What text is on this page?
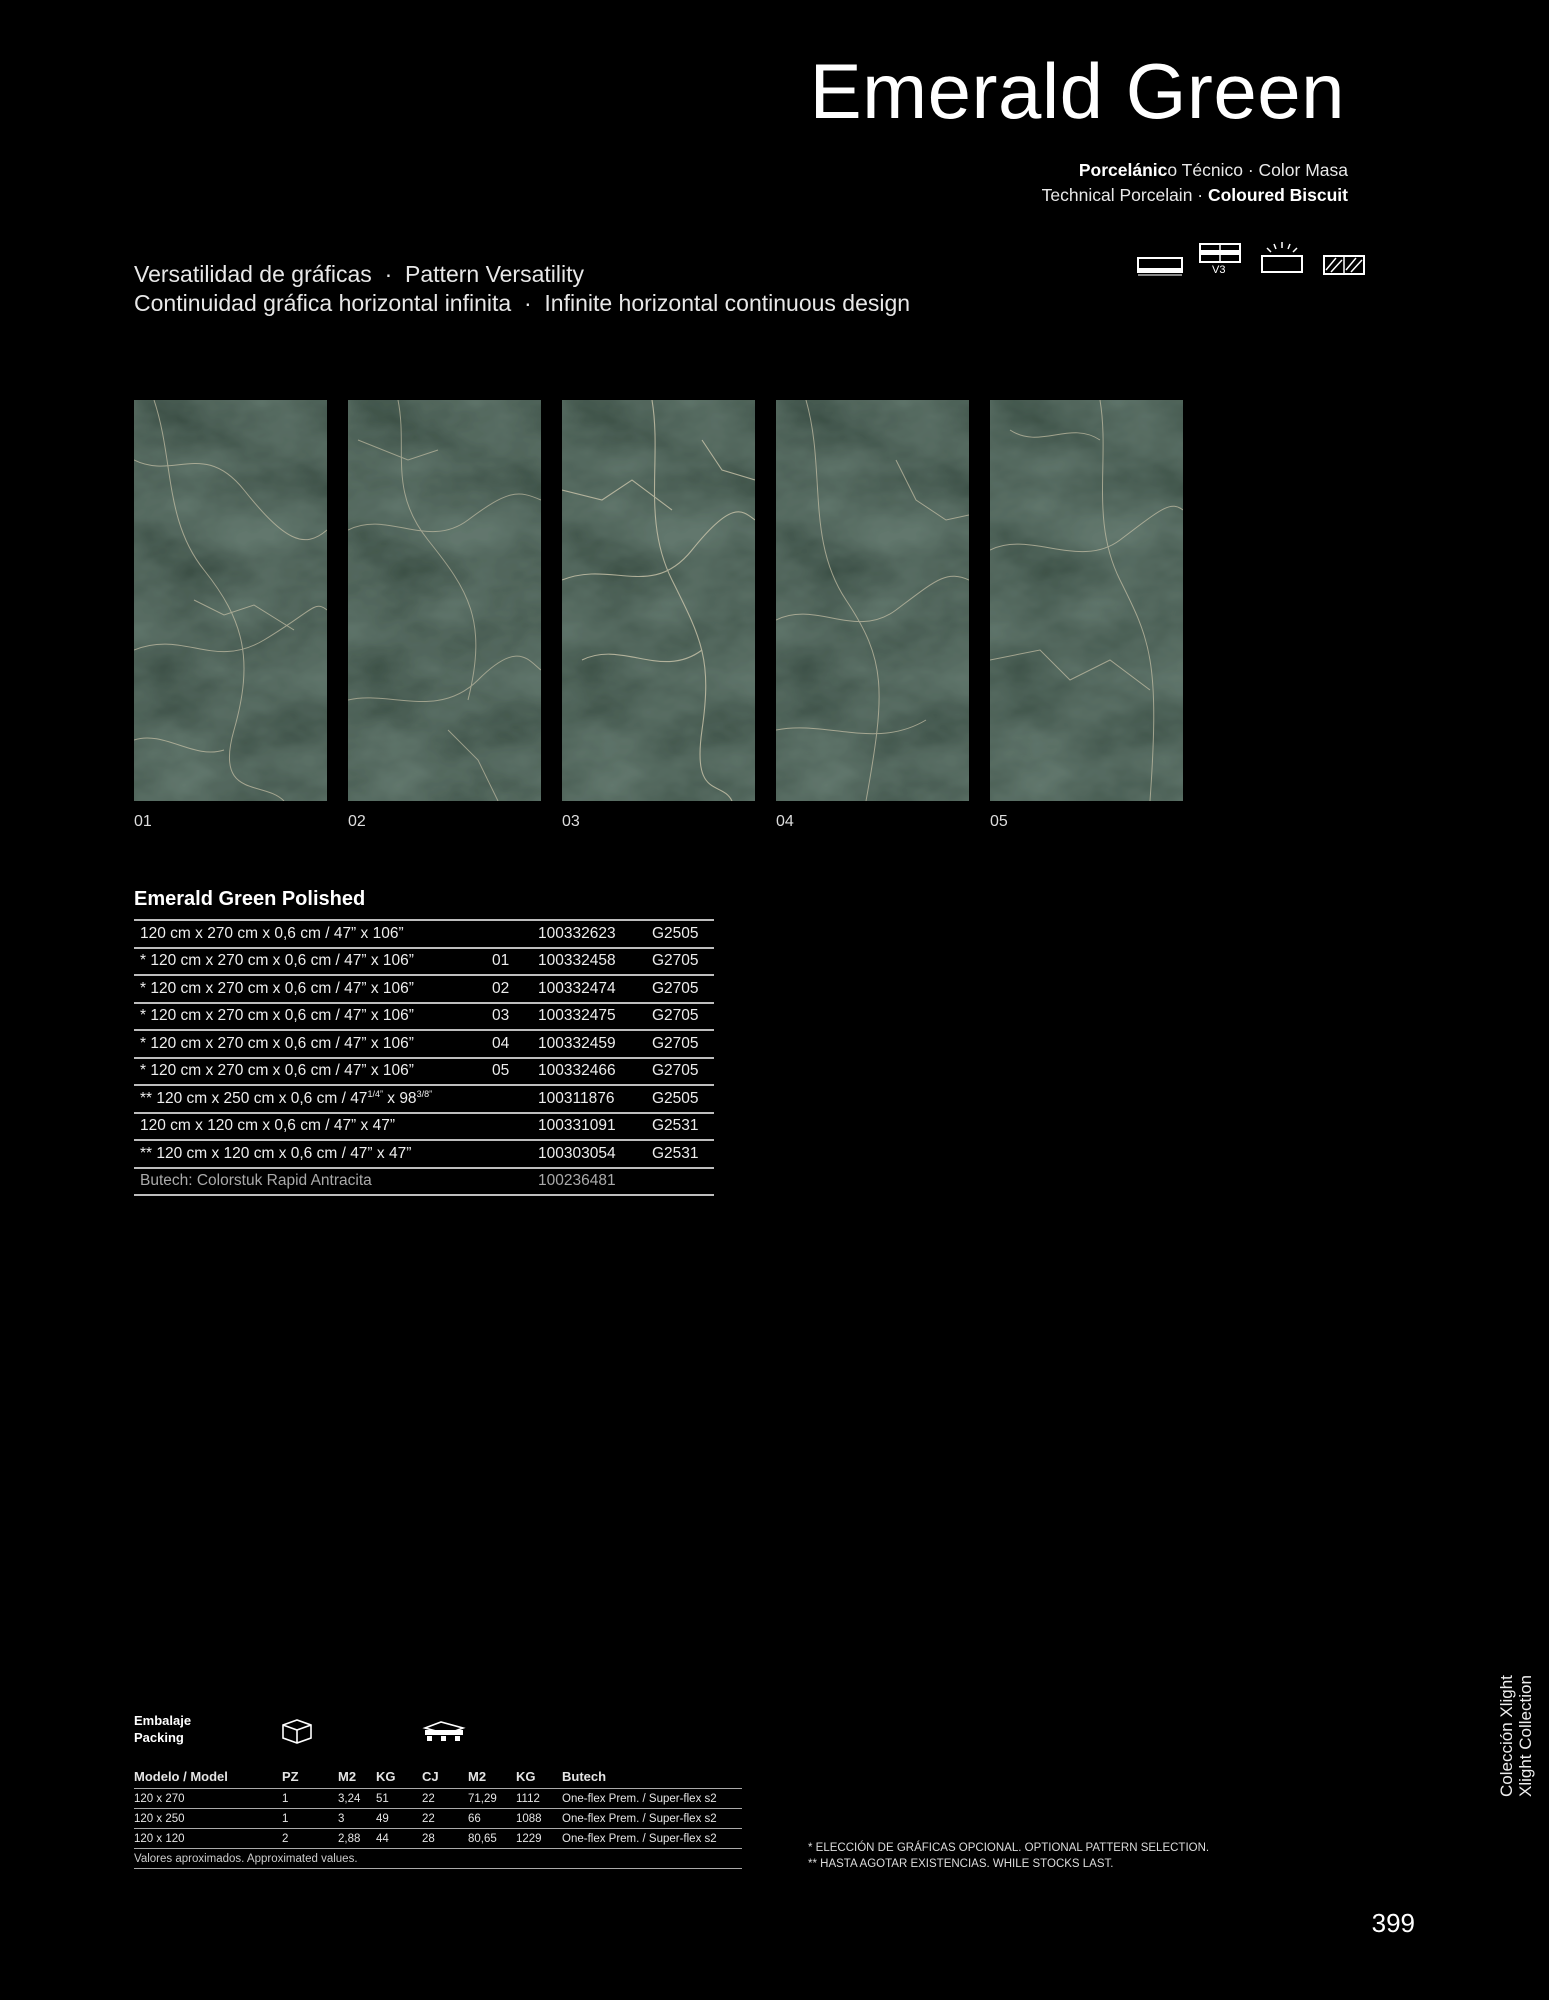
Emerald Green
Porcelánico Técnico · Color Masa
Technical Porcelain · Coloured Biscuit
Versatilidad de gráficas  ·  Pattern Versatility
Continuidad gráfica horizontal infinita  ·  Infinite horizontal continuous design
V3
01	02	03	04	05
Emerald Green Polished
120 cm x 270 cm x 0,6 cm / 47” x 106”		100332623	G2505
* 120 cm x 270 cm x 0,6 cm / 47” x 106”	01	100332458	G2705
* 120 cm x 270 cm x 0,6 cm / 47” x 106”	02	100332474	G2705
* 120 cm x 270 cm x 0,6 cm / 47” x 106”	03	100332475	G2705
* 120 cm x 270 cm x 0,6 cm / 47” x 106”	04	100332459	G2705
* 120 cm x 270 cm x 0,6 cm / 47” x 106”	05	100332466	G2705
** 120 cm x 250 cm x 0,6 cm / $47^{1/4”}$ x $98^{3/8”}$		100311876	G2505
120 cm x 120 cm x 0,6 cm / 47” x 47”		100331091	G2531
** 120 cm x 120 cm x 0,6 cm / 47” x 47”		100303054	G2531
Butech: Colorstuk Rapid Antracita		100236481	
Embalaje
Packing
Modelo / Model	PZ	M2	KG	CJ	M2	KG	Butech
120 x 270	1	3,24	51	22	71,29	1112	One-flex Prem. / Super-flex s2
120 x 250	1	3	49	22	66	1088	One-flex Prem. / Super-flex s2
120 x 120	2	2,88	44	28	80,65	1229	One-flex Prem. / Super-flex s2
Valores aproximados. Approximated values.							
* ELECCIÓN DE GRÁFICAS OPCIONAL. OPTIONAL PATTERN SELECTION.
** HASTA AGOTAR EXISTENCIAS. WHILE STOCKS LAST.
Colección Xlight Xlight Collection
399
